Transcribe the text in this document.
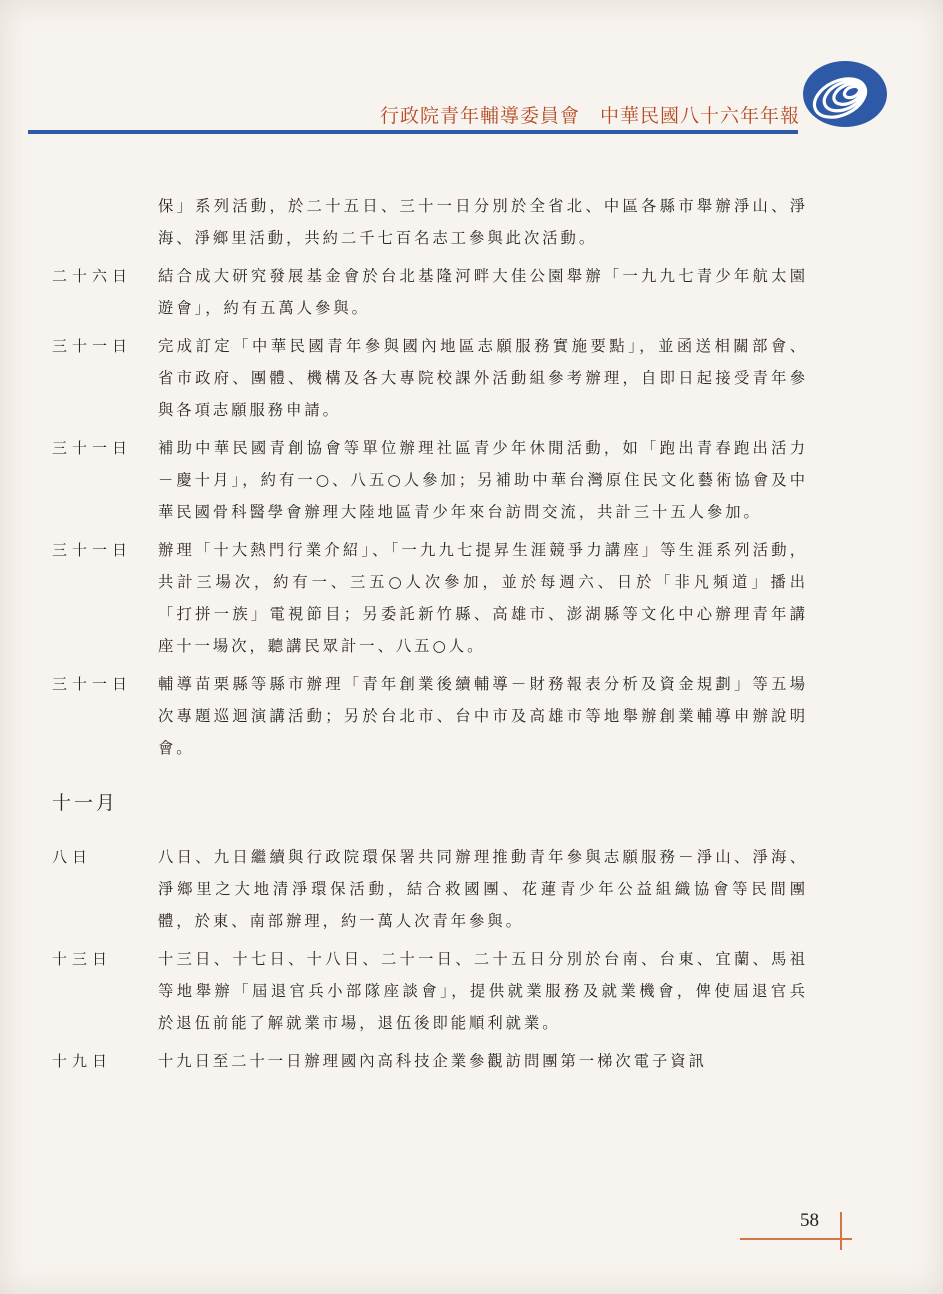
行政院青年輔導委員會　中華民國八十六年年報
保」系列活動，於二十五日、三十一日分別於全省北、中區各縣市舉辦淨山、淨海、淨鄉里活動，共約二千七百名志工參與此次活動。
二十六日	結合成大研究發展基金會於台北基隆河畔大佳公園舉辦「一九九七青少年航太園遊會」，約有五萬人參與。
三十一日	完成訂定「中華民國青年參與國內地區志願服務實施要點」，並函送相關部會、省市政府、團體、機構及各大專院校課外活動組參考辦理，自即日起接受青年參與各項志願服務申請。
三十一日	補助中華民國青創協會等單位辦理社區青少年休閒活動，如「跑出青春跑出活力－慶十月」，約有一○、八五○人參加；另補助中華台灣原住民文化藝術協會及中華民國骨科醫學會辦理大陸地區青少年來台訪問交流，共計三十五人參加。
三十一日	辦理「十大熱門行業介紹」、「一九九七提昇生涯競爭力講座」等生涯系列活動，共計三場次，約有一、三五○人次參加，並於每週六、日於「非凡頻道」播出「打拼一族」電視節目；另委託新竹縣、高雄市、澎湖縣等文化中心辦理青年講座十一場次，聽講民眾計一、八五○人。
三十一日	輔導苗栗縣等縣市辦理「青年創業後續輔導－財務報表分析及資金規劃」等五場次專題巡迴演講活動；另於台北市、台中市及高雄市等地舉辦創業輔導申辦說明會。
十一月
八日	八日、九日繼續與行政院環保署共同辦理推動青年參與志願服務－淨山、淨海、淨鄉里之大地清淨環保活動，結合救國團、花蓮青少年公益組織協會等民間團體，於東、南部辦理，約一萬人次青年參與。
十三日	十三日、十七日、十八日、二十一日、二十五日分別於台南、台東、宜蘭、馬祖等地舉辦「屆退官兵小部隊座談會」，提供就業服務及就業機會，俾使屆退官兵於退伍前能了解就業市場，退伍後即能順利就業。
十九日	十九日至二十一日辦理國內高科技企業參觀訪問團第一梯次電子資訊
58
